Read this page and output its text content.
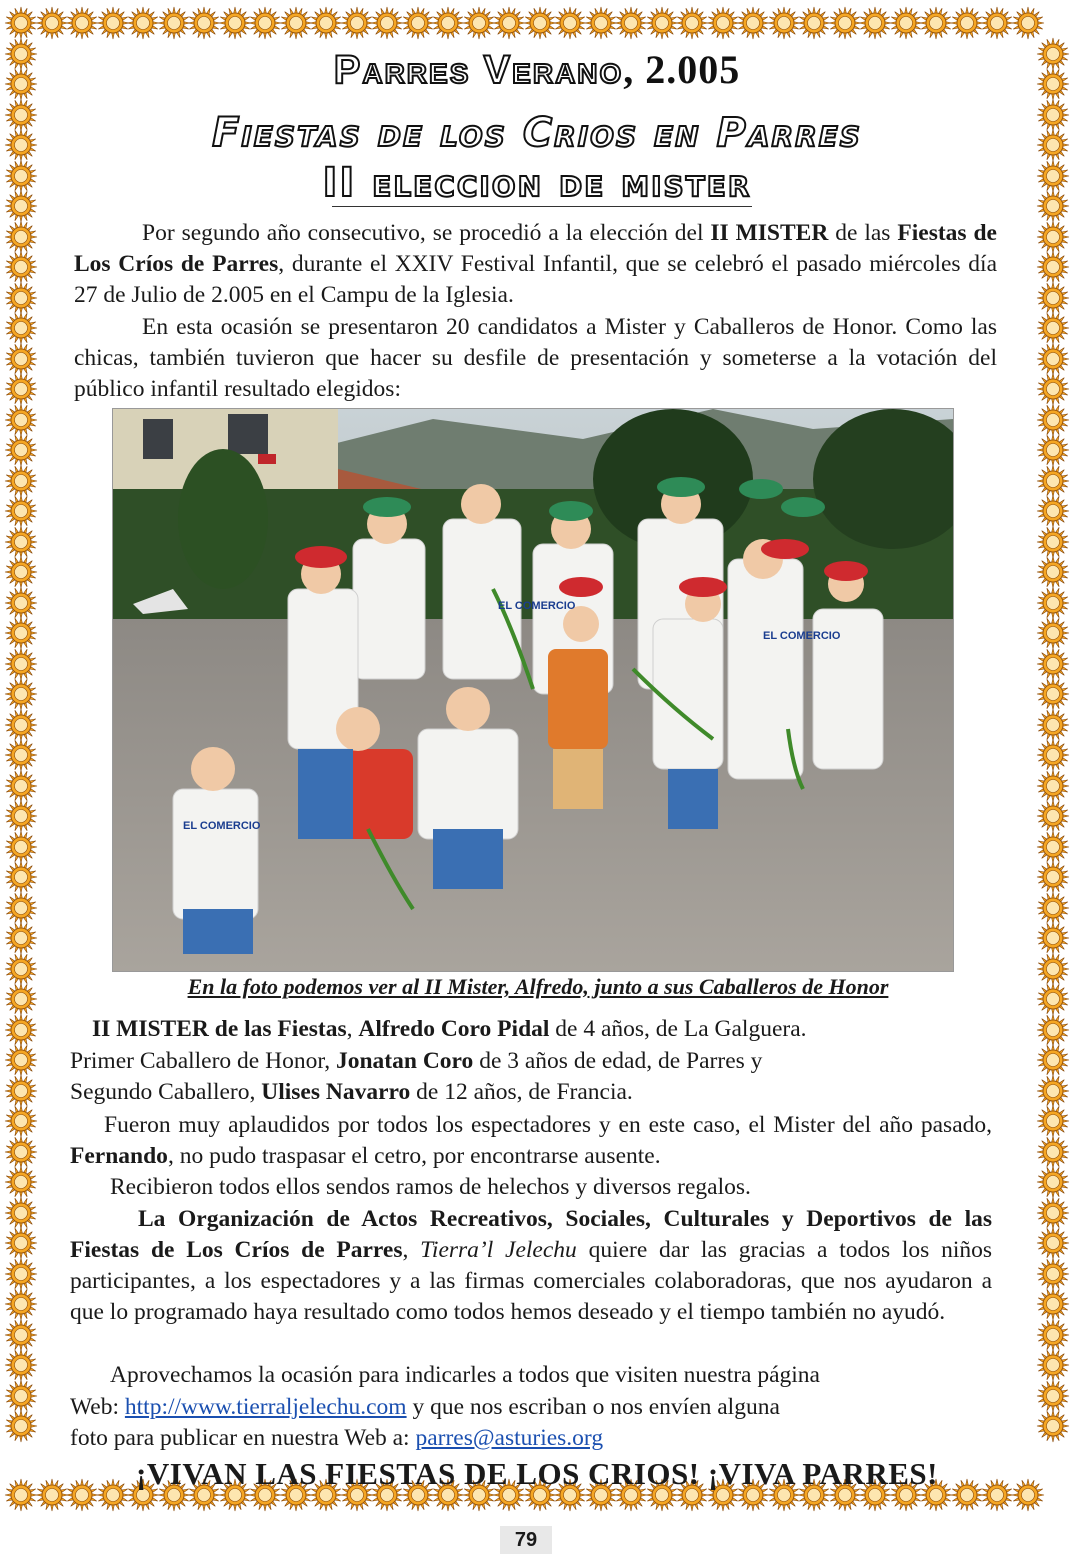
Parres Verano, 2.005
Fiestas de los Crios en Parres
II eleccion de mister
Por segundo año consecutivo, se procedió a la elección del II MISTER de las Fiestas de Los Críos de Parres, durante el XXIV Festival Infantil, que se celebró el pasado miércoles día 27 de Julio de 2.005 en el Campu de la Iglesia.
En esta ocasión se presentaron 20 candidatos a Mister y Caballeros de Honor. Como las chicas, también tuvieron que hacer su desfile de presentación y someterse a la votación del público infantil resultado elegidos:
EL COMERCIO
EL COMERCIO
EL COMERCIO
En la foto podemos ver al II Mister, Alfredo, junto a sus Caballeros de Honor
II MISTER de las Fiestas, Alfredo Coro Pidal de 4 años, de La Galguera.
Primer Caballero de Honor, Jonatan Coro de 3 años de edad, de Parres y
Segundo Caballero, Ulises Navarro de 12 años, de Francia.
Fueron muy aplaudidos por todos los espectadores y en este caso, el Mister del año pasado, Fernando, no pudo traspasar el cetro, por encontrarse ausente.
Recibieron todos ellos sendos ramos de helechos y diversos regalos.
La Organización de Actos Recreativos, Sociales, Culturales y Deportivos de las Fiestas de Los Críos de Parres, Tierra’l Jelechu quiere dar las gracias a todos los niños participantes, a los espectadores y a las firmas comerciales colaboradoras, que nos ayudaron a que lo programado haya resultado como todos hemos deseado y el tiempo también no ayudó.
Aprovechamos la ocasión para indicarles a todos que visiten nuestra página
Web: http://www.tierraljelechu.com y que nos escriban o nos envíen alguna
foto para publicar en nuestra Web a: parres@asturies.org
¡VIVAN LAS FIESTAS DE LOS CRIOS! ¡VIVA PARRES!
79
